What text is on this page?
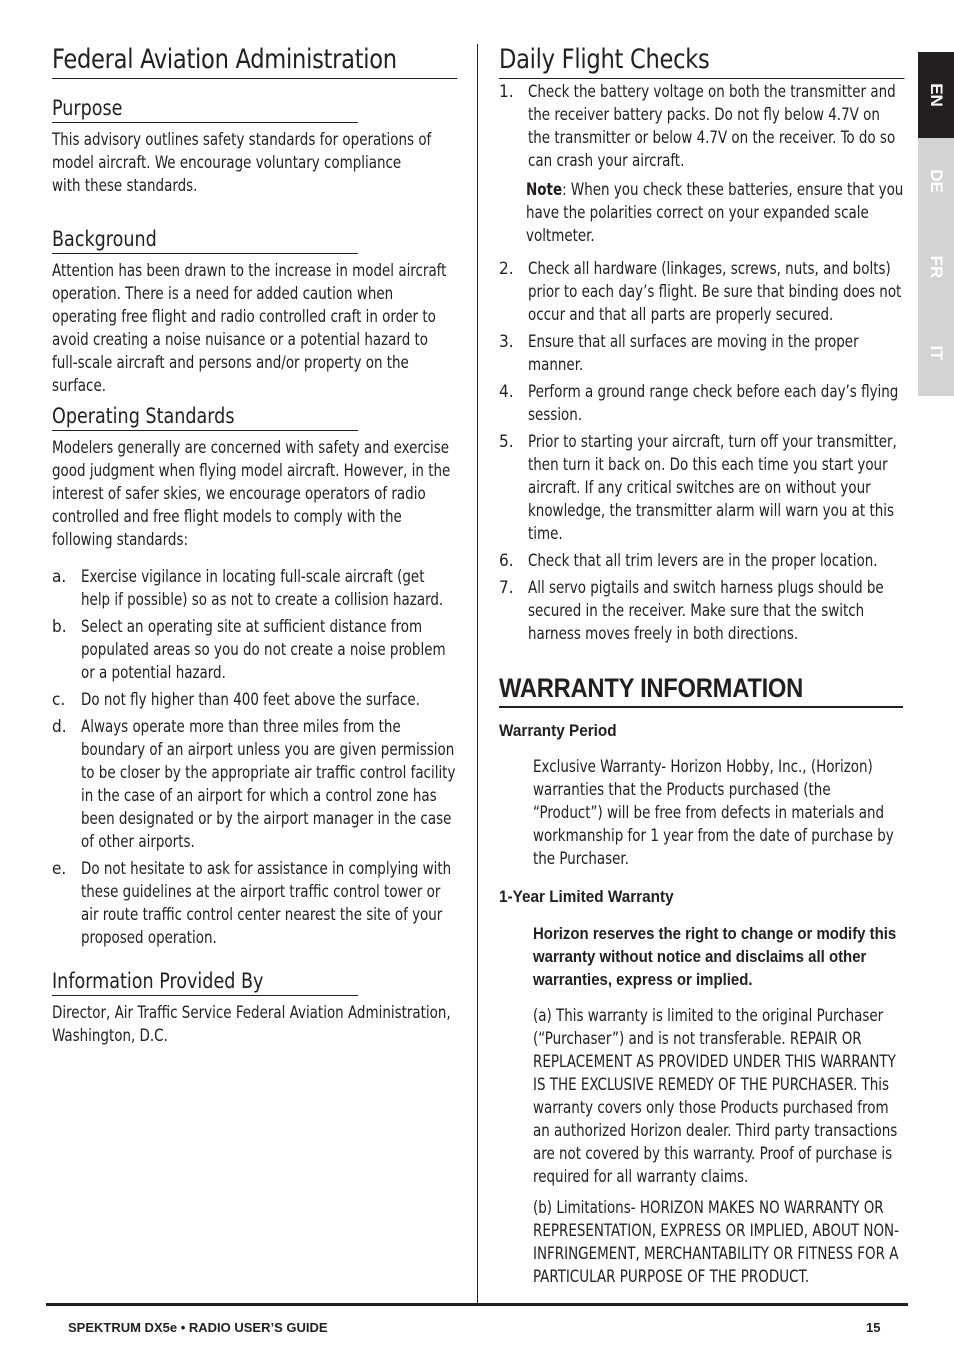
Federal Aviation Administration
Purpose

This advisory outlines safety standards for operations of model aircraft. We encourage voluntary compliance with these standards.

Background

Attention has been drawn to the increase in model aircraft operation. There is a need for added caution when operating free flight and radio controlled craft in order to avoid creating a noise nuisance or a potential hazard to full-scale aircraft and persons and/or property on the surface.

Operating Standards

Modelers generally are concerned with safety and exercise good judgment when flying model aircraft. However, in the interest of safer skies, we encourage operators of radio controlled and free flight models to comply with the following standards:

a. Exercise vigilance in locating full-scale aircraft (get help if possible) so as not to create a collision hazard.
b. Select an operating site at sufficient distance from populated areas so you do not create a noise problem or a potential hazard.
c. Do not fly higher than 400 feet above the surface.
d. Always operate more than three miles from the boundary of an airport unless you are given permission to be closer by the appropriate air traffic control facility in the case of an airport for which a control zone has been designated or by the airport manager in the case of other airports.
e. Do not hesitate to ask for assistance in complying with these guidelines at the airport traffic control tower or air route traffic control center nearest the site of your proposed operation.
Information Provided By

Director, Air Traffic Service Federal Aviation Administration, Washington, D.C.

Daily Flight Checks
1. Check the battery voltage on both the transmitter and the receiver battery packs. Do not fly below 4.7V on the transmitter or below 4.7V on the receiver. To do so can crash your aircraft.

Note: When you check these batteries, ensure that you have the polarities correct on your expanded scale voltmeter.

2. Check all hardware (linkages, screws, nuts, and bolts) prior to each day’s flight. Be sure that binding does not occur and that all parts are properly secured.
3. Ensure that all surfaces are moving in the proper manner.
4. Perform a ground range check before each day’s flying session.
5. Prior to starting your aircraft, turn off your transmitter, then turn it back on. Do this each time you start your aircraft. If any critical switches are on without your knowledge, the transmitter alarm will warn you at this time.
6. Check that all trim levers are in the proper location.
7. All servo pigtails and switch harness plugs should be secured in the receiver. Make sure that the switch harness moves freely in both directions.
WARRANTY INFORMATION
Warranty Period

Exclusive Warranty- Horizon Hobby, Inc., (Horizon) warranties that the Products purchased (the “Product”) will be free from defects in materials and workmanship for 1 year from the date of purchase by the Purchaser.

1-Year Limited Warranty

Horizon reserves the right to change or modify this warranty without notice and disclaims all other warranties, express or implied.

(a) This warranty is limited to the original Purchaser (“Purchaser”) and is not transferable. REPAIR OR REPLACEMENT AS PROVIDED UNDER THIS WARRANTY IS THE EXCLUSIVE REMEDY OF THE PURCHASER. This warranty covers only those Products purchased from an authorized Horizon dealer. Third party transactions are not covered by this warranty. Proof of purchase is required for all warranty claims.

(b) Limitations- HORIZON MAKES NO WARRANTY OR REPRESENTATION, EXPRESS OR IMPLIED, ABOUT NON-INFRINGEMENT, MERCHANTABILITY OR FITNESS FOR A PARTICULAR PURPOSE OF THE PRODUCT.

EN
DE
FR
IT
SPEKTRUM DX5e • RADIO USER’S GUIDE	15
